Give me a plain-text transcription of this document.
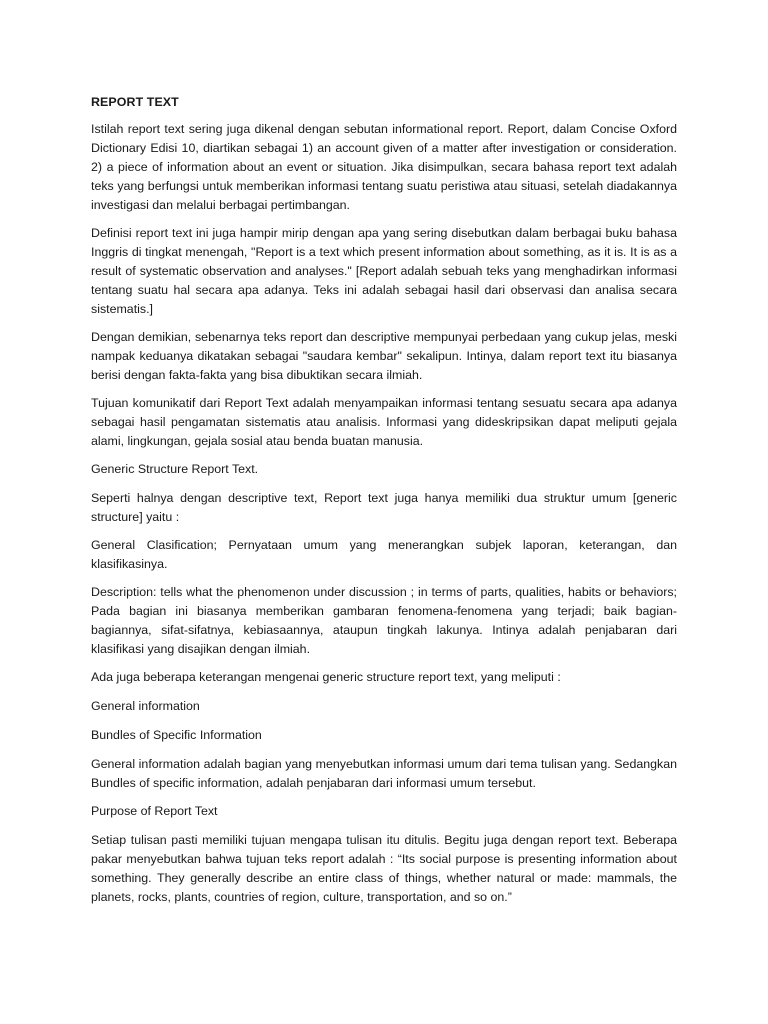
REPORT TEXT

Istilah report text sering juga dikenal dengan sebutan informational report. Report, dalam Concise Oxford Dictionary Edisi 10, diartikan sebagai 1) an account given of a matter after investigation or consideration. 2) a piece of information about an event or situation. Jika disimpulkan, secara bahasa report text adalah teks yang berfungsi untuk memberikan informasi tentang suatu peristiwa atau situasi, setelah diadakannya investigasi dan melalui berbagai pertimbangan.

Definisi report text ini juga hampir mirip dengan apa yang sering disebutkan dalam berbagai buku bahasa Inggris di tingkat menengah, "Report is a text which present information about something, as it is. It is as a result of systematic observation and analyses." [Report adalah sebuah teks yang menghadirkan informasi tentang suatu hal secara apa adanya. Teks ini adalah sebagai hasil dari observasi dan analisa secara sistematis.]

Dengan demikian, sebenarnya teks report dan descriptive mempunyai perbedaan yang cukup jelas, meski nampak keduanya dikatakan sebagai "saudara kembar" sekalipun. Intinya, dalam report text itu biasanya berisi dengan fakta-fakta yang bisa dibuktikan secara ilmiah.

Tujuan komunikatif dari Report Text adalah menyampaikan informasi tentang sesuatu secara apa adanya sebagai hasil pengamatan sistematis atau analisis. Informasi yang dideskripsikan dapat meliputi gejala alami, lingkungan, gejala sosial atau benda buatan manusia.

Generic Structure Report Text.

Seperti halnya dengan descriptive text, Report text juga hanya memiliki dua struktur umum [generic structure] yaitu :

General Clasification; Pernyataan umum yang menerangkan subjek laporan, keterangan, dan klasifikasinya.

Description: tells what the phenomenon under discussion ; in terms of parts, qualities, habits or behaviors; Pada bagian ini biasanya memberikan gambaran fenomena-fenomena yang terjadi; baik bagian-bagiannya, sifat-sifatnya, kebiasaannya, ataupun tingkah lakunya. Intinya adalah penjabaran dari klasifikasi yang disajikan dengan ilmiah.

Ada juga beberapa keterangan mengenai generic structure report text, yang meliputi :

General information

Bundles of Specific Information

General information adalah bagian yang menyebutkan informasi umum dari tema tulisan yang. Sedangkan Bundles of specific information, adalah penjabaran dari informasi umum tersebut.

Purpose of Report Text

Setiap tulisan pasti memiliki tujuan mengapa tulisan itu ditulis. Begitu juga dengan report text. Beberapa pakar menyebutkan bahwa tujuan teks report adalah : “Its social purpose is presenting information about something. They generally describe an entire class of things, whether natural or made: mammals, the planets, rocks, plants, countries of region, culture, transportation, and so on.”
